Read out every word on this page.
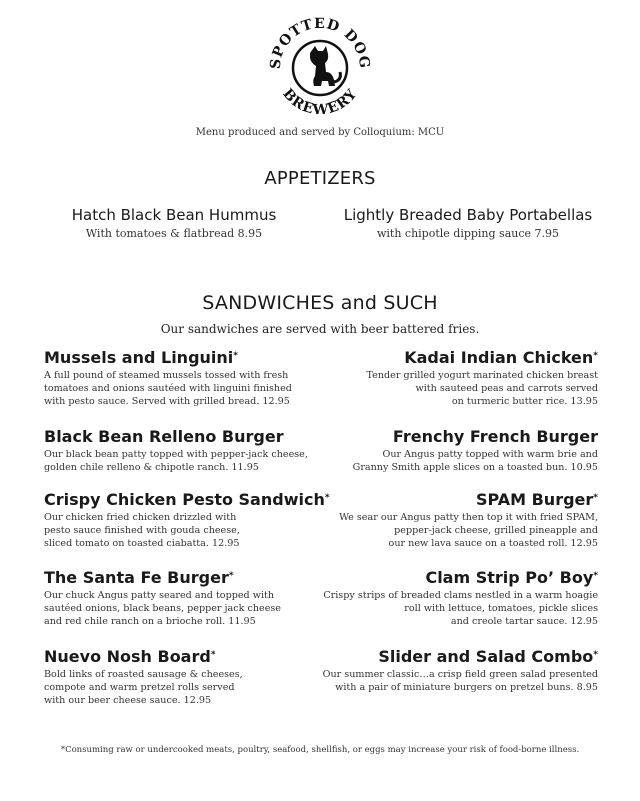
SPOTTED DOG
BREWERY
Menu produced and served by Colloquium: MCU
APPETIZERS
Hatch Black Bean Hummus
With tomatoes & flatbread 8.95
Lightly Breaded Baby Portabellas
with chipotle dipping sauce 7.95
SANDWICHES and SUCH
Our sandwiches are served with beer battered fries.
Mussels and Linguini*
A full pound of steamed mussels tossed with fresh
tomatoes and onions sautéed with linguini finished
with pesto sauce. Served with grilled bread. 12.95
Black Bean Relleno Burger
Our black bean patty topped with pepper-jack cheese,
golden chile relleno & chipotle ranch. 11.95
Crispy Chicken Pesto Sandwich*
Our chicken fried chicken drizzled with
pesto sauce finished with gouda cheese,
sliced tomato on toasted ciabatta. 12.95
The Santa Fe Burger*
Our chuck Angus patty seared and topped with
sautéed onions, black beans, pepper jack cheese
and red chile ranch on a brioche roll. 11.95
Nuevo Nosh Board*
Bold links of roasted sausage & cheeses,
compote and warm pretzel rolls served
with our beer cheese sauce. 12.95
Kadai Indian Chicken*
Tender grilled yogurt marinated chicken breast
with sauteed peas and carrots served
on turmeric butter rice. 13.95
Frenchy French Burger
Our Angus patty topped with warm brie and
Granny Smith apple slices on a toasted bun. 10.95
SPAM Burger*
We sear our Angus patty then top it with fried SPAM,
pepper-jack cheese, grilled pineapple and
our new lava sauce on a toasted roll. 12.95
Clam Strip Po’ Boy*
Crispy strips of breaded clams nestled in a warm hoagie
roll with lettuce, tomatoes, pickle slices
and creole tartar sauce. 12.95
Slider and Salad Combo*
Our summer classic…a crisp field green salad presented
with a pair of miniature burgers on pretzel buns. 8.95
*Consuming raw or undercooked meats, poultry, seafood, shellfish, or eggs may increase your risk of food-borne illness.
